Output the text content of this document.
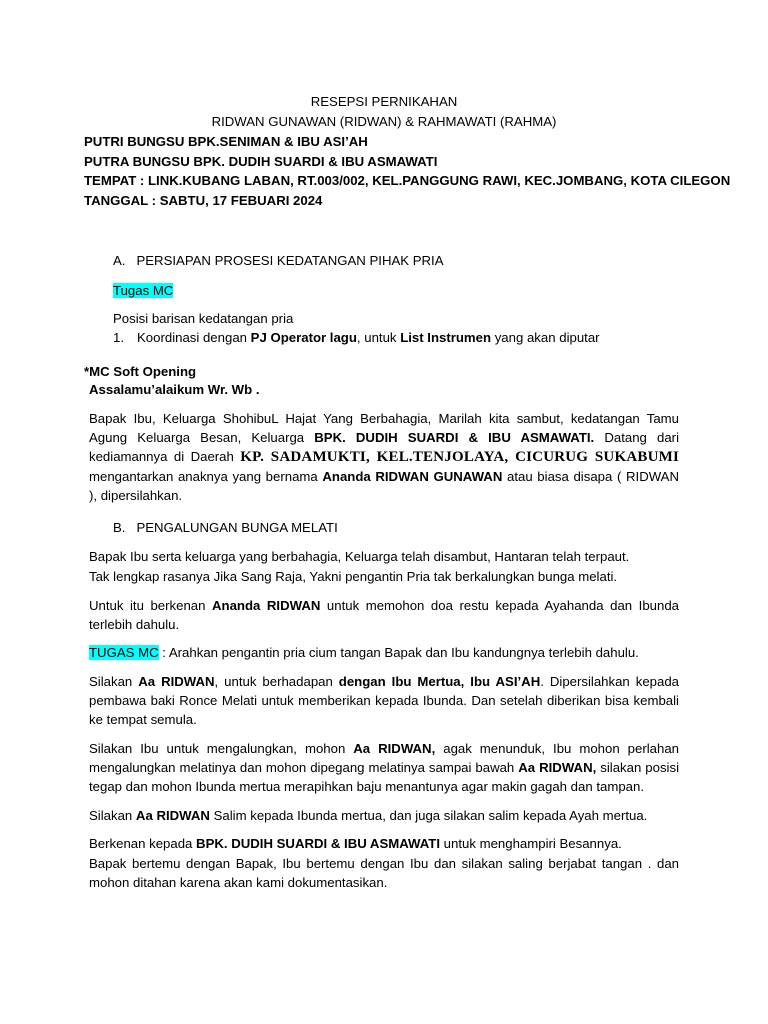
RESEPSI PERNIKAHAN
RIDWAN GUNAWAN (RIDWAN) & RAHMAWATI (RAHMA)
PUTRI BUNGSU BPK.SENIMAN & IBU ASI’AH
PUTRA BUNGSU BPK. DUDIH SUARDI & IBU ASMAWATI
TEMPAT : LINK.KUBANG LABAN, RT.003/002, KEL.PANGGUNG RAWI, KEC.JOMBANG, KOTA CILEGON
TANGGAL : SABTU, 17 FEBUARI 2024
A.   PERSIAPAN PROSESI KEDATANGAN PIHAK PRIA
Tugas MC
Posisi barisan kedatangan pria
1. Koordinasi dengan PJ Operator lagu, untuk List Instrumen yang akan diputar
*MC Soft Opening
Assalamu’alaikum Wr. Wb .
Bapak Ibu, Keluarga ShohibuL Hajat Yang Berbahagia, Marilah kita sambut, kedatangan Tamu Agung Keluarga Besan, Keluarga BPK. DUDIH SUARDI & IBU ASMAWATI. Datang dari kediamannya di Daerah KP. SADAMUKTI, KEL.TENJOLAYA, CICURUG SUKABUMI mengantarkan anaknya yang bernama Ananda RIDWAN GUNAWAN atau biasa disapa ( RIDWAN ), dipersilahkan.
B.   PENGALUNGAN BUNGA MELATI
Bapak Ibu serta keluarga yang berbahagia, Keluarga telah disambut, Hantaran telah terpaut.
Tak lengkap rasanya Jika Sang Raja, Yakni pengantin Pria tak berkalungkan bunga melati.
Untuk itu berkenan Ananda RIDWAN untuk memohon doa restu kepada Ayahanda dan Ibunda terlebih dahulu.
TUGAS MC : Arahkan pengantin pria cium tangan Bapak dan Ibu kandungnya terlebih dahulu.
Silakan Aa RIDWAN, untuk berhadapan dengan Ibu Mertua, Ibu ASI’AH. Dipersilahkan kepada pembawa baki Ronce Melati untuk memberikan kepada Ibunda. Dan setelah diberikan bisa kembali ke tempat semula.
Silakan Ibu untuk mengalungkan, mohon Aa RIDWAN, agak menunduk, Ibu mohon perlahan mengalungkan melatinya dan mohon dipegang melatinya sampai bawah Aa RIDWAN, silakan posisi tegap dan mohon Ibunda mertua merapihkan baju menantunya agar makin gagah dan tampan.
Silakan Aa RIDWAN Salim kepada Ibunda mertua, dan juga silakan salim kepada Ayah mertua.
Berkenan kepada BPK. DUDIH SUARDI & IBU ASMAWATI untuk menghampiri Besannya.
Bapak bertemu dengan Bapak, Ibu bertemu dengan Ibu dan silakan saling berjabat tangan . dan mohon ditahan karena akan kami dokumentasikan.
